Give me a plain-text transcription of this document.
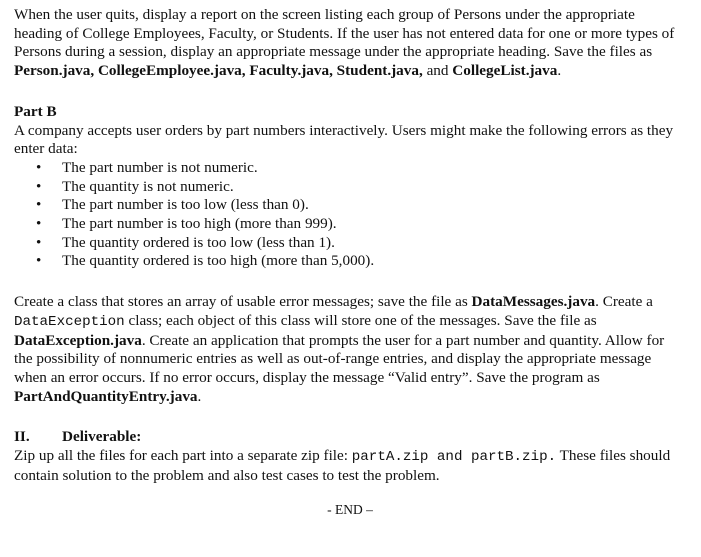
When the user quits, display a report on the screen listing each group of Persons under the appropriate heading of College Employees, Faculty, or Students. If the user has not entered data for one or more types of Persons during a session, display an appropriate message under the appropriate heading. Save the files as Person.java, CollegeEmployee.java, Faculty.java, Student.java, and CollegeList.java.

Part B

A company accepts user orders by part numbers interactively. Users might make the following errors as they enter data:

• The part number is not numeric.
• The quantity is not numeric.
• The part number is too low (less than 0).
• The part number is too high (more than 999).
• The quantity ordered is too low (less than 1).
• The quantity ordered is too high (more than 5,000).

Create a class that stores an array of usable error messages; save the file as DataMessages.java. Create a DataException class; each object of this class will store one of the messages. Save the file as DataException.java. Create an application that prompts the user for a part number and quantity. Allow for the possibility of nonnumeric entries as well as out-of-range entries, and display the appropriate message when an error occurs. If no error occurs, display the message “Valid entry”. Save the program as PartAndQuantityEntry.java.

II. Deliverable:

Zip up all the files for each part into a separate zip file: partA.zip and partB.zip. These files should contain solution to the problem and also test cases to test the problem.

- END –
